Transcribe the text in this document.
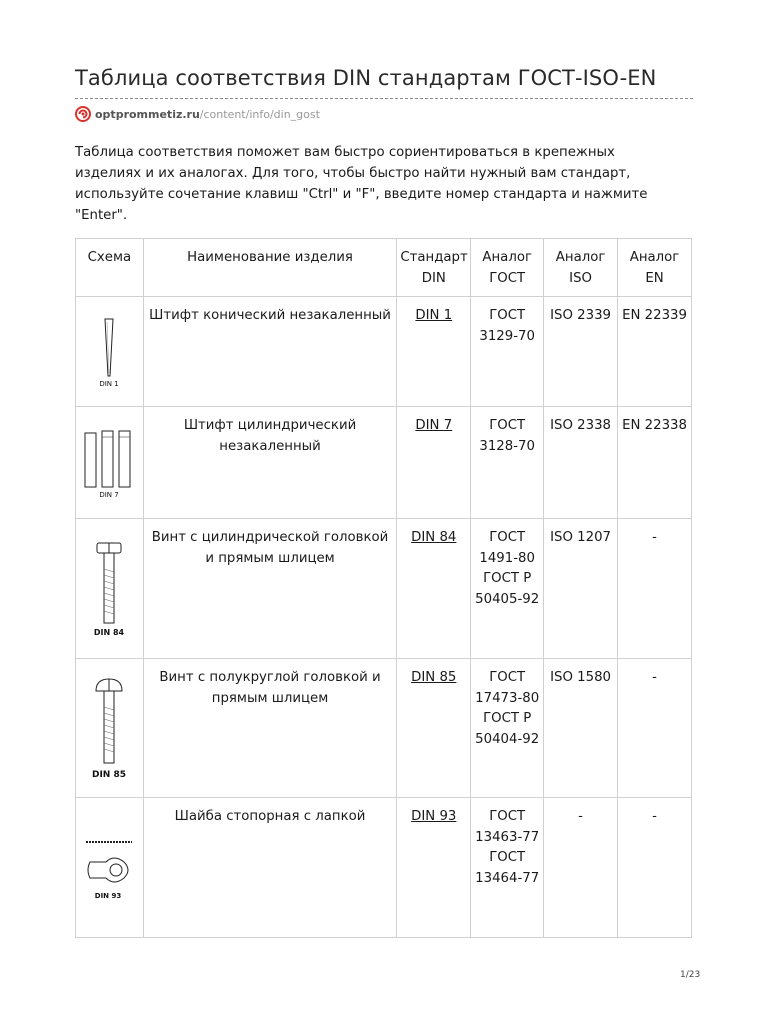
Таблица соответствия DIN стандартам ГОСТ-ISO-EN
optprommetiz.ru /content/info/din_gost
Таблица соответствия поможет вам быстро сориентироваться в крепежных изделиях и их аналогах. Для того, чтобы быстро найти нужный вам стандарт, используйте сочетание клавиш "Ctrl" и "F", введите номер стандарта и нажмите "Enter".
Схема	Наименование изделия	Стандарт DIN	Аналог ГОСТ	Аналог ISO	Аналог EN

DIN 1	Штифт конический незакаленный	DIN 1	ГОСТ 3129-70	ISO 2339	EN 22339

DIN 7	Штифт цилиндрический незакаленный	DIN 7	ГОСТ 3128-70	ISO 2338	EN 22338

DIN 84	Винт с цилиндрической головкой и прямым шлицем	DIN 84	ГОСТ 1491-80 ГОСТ Р 50405-92	ISO 1207	-

DIN 85	Винт с полукруглой головкой и прямым шлицем	DIN 85	ГОСТ 17473-80 ГОСТ Р 50404-92	ISO 1580	-

DIN 93	Шайба стопорная с лапкой	DIN 93	ГОСТ 13463-77 ГОСТ 13464-77	-	-
1/23
